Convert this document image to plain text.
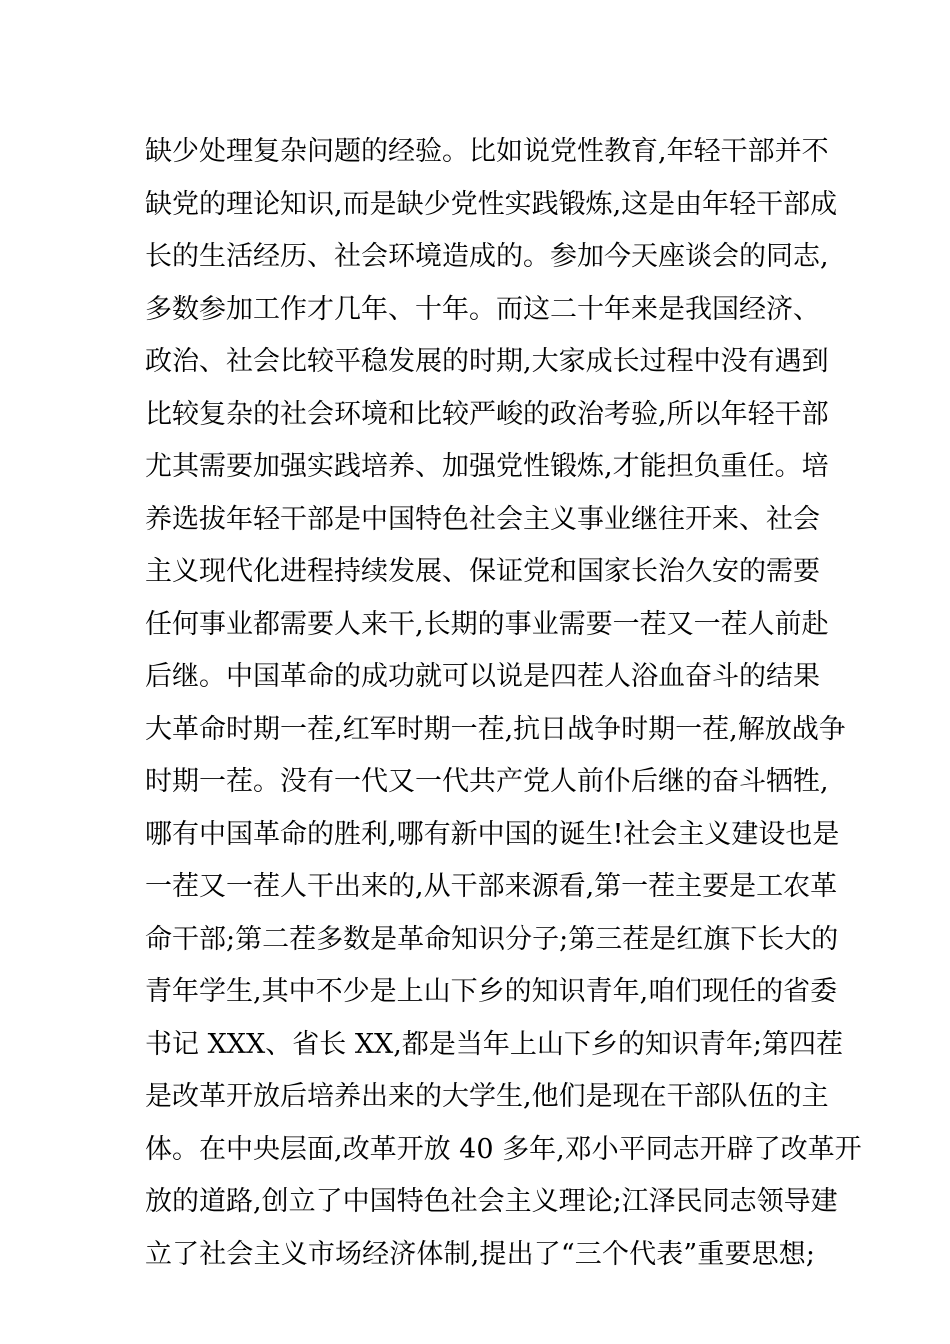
缺少处理复杂问题的经验。比如说党性教育,年轻干部并不
缺党的理论知识,而是缺少党性实践锻炼,这是由年轻干部成
长的生活经历、社会环境造成的。参加今天座谈会的同志,
多数参加工作才几年、十年。而这二十年来是我国经济、
政治、社会比较平稳发展的时期,大家成长过程中没有遇到
比较复杂的社会环境和比较严峻的政治考验,所以年轻干部
尤其需要加强实践培养、加强党性锻炼,才能担负重任。培
养选拔年轻干部是中国特色社会主义事业继往开来、社会
主义现代化进程持续发展、保证党和国家长治久安的需要
任何事业都需要人来干,长期的事业需要一茬又一茬人前赴
后继。中国革命的成功就可以说是四茬人浴血奋斗的结果
大革命时期一茬,红军时期一茬,抗日战争时期一茬,解放战争
时期一茬。没有一代又一代共产党人前仆后继的奋斗牺牲,
哪有中国革命的胜利,哪有新中国的诞生!社会主义建设也是
一茬又一茬人干出来的,从干部来源看,第一茬主要是工农革
命干部;第二茬多数是革命知识分子;第三茬是红旗下长大的
青年学生,其中不少是上山下乡的知识青年,咱们现任的省委
书记 XXX、省长 XX,都是当年上山下乡的知识青年;第四茬
是改革开放后培养出来的大学生,他们是现在干部队伍的主
体。在中央层面,改革开放 40 多年,邓小平同志开辟了改革开
放的道路,创立了中国特色社会主义理论;江泽民同志领导建
立了社会主义市场经济体制,提出了“三个代表”重要思想;
